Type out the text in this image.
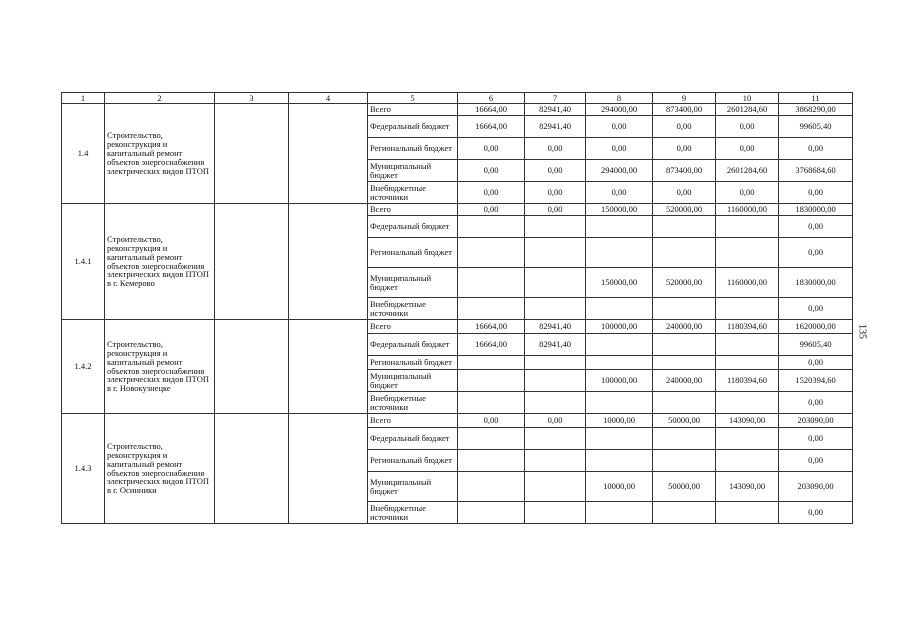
1	2	3	4	5	6	7	8	9	10	11
1.4	Строительство, реконструкция и капитальный ремонт объектов энергоснабжения электрических видов ПТОП			Всего	16664,00	82941,40	294000,00	873400,00	2601284,60	3868290,00
				Федеральный бюджет	16664,00	82941,40	0,00	0,00	0,00	99605,40
				Региональный бюджет	0,00	0,00	0,00	0,00	0,00	0,00
				Муниципальный бюджет	0,00	0,00	294000,00	873400,00	2601284,60	3768684,60
				Внебюджетные источники	0,00	0,00	0,00	0,00	0,00	0,00
1.4.1	Строительство, реконструкция и капитальный ремонт объектов энергоснабжения электрических видов ПТОП в г. Кемерово			Всего	0,00	0,00	150000,00	520000,00	1160000,00	1830000,00
				Федеральный бюджет						0,00
				Региональный бюджет						0,00
				Муниципальный бюджет			150000,00	520000,00	1160000,00	1830000,00
				Внебюджетные источники						0,00
1.4.2	Строительство, реконструкция и капитальный ремонт объектов энергоснабжения электрических видов ПТОП в г. Новокузнецке			Всего	16664,00	82941,40	100000,00	240000,00	1180394,60	1620000,00
				Федеральный бюджет	16664,00	82941,40				99605,40
				Региональный бюджет						0,00
				Муниципальный бюджет			100000,00	240000,00	1180394,60	1520394,60
				Внебюджетные источники						0,00
1.4.3	Строительство, реконструкция и капитальный ремонт объектов энергоснабжения электрических видов ПТОП в г. Осинники			Всего	0,00	0,00	10000,00	50000,00	143090,00	203090,00
				Федеральный бюджет						0,00
				Региональный бюджет						0,00
				Муниципальный бюджет			10000,00	50000,00	143090,00	203090,00
				Внебюджетные источники						0,00
135
